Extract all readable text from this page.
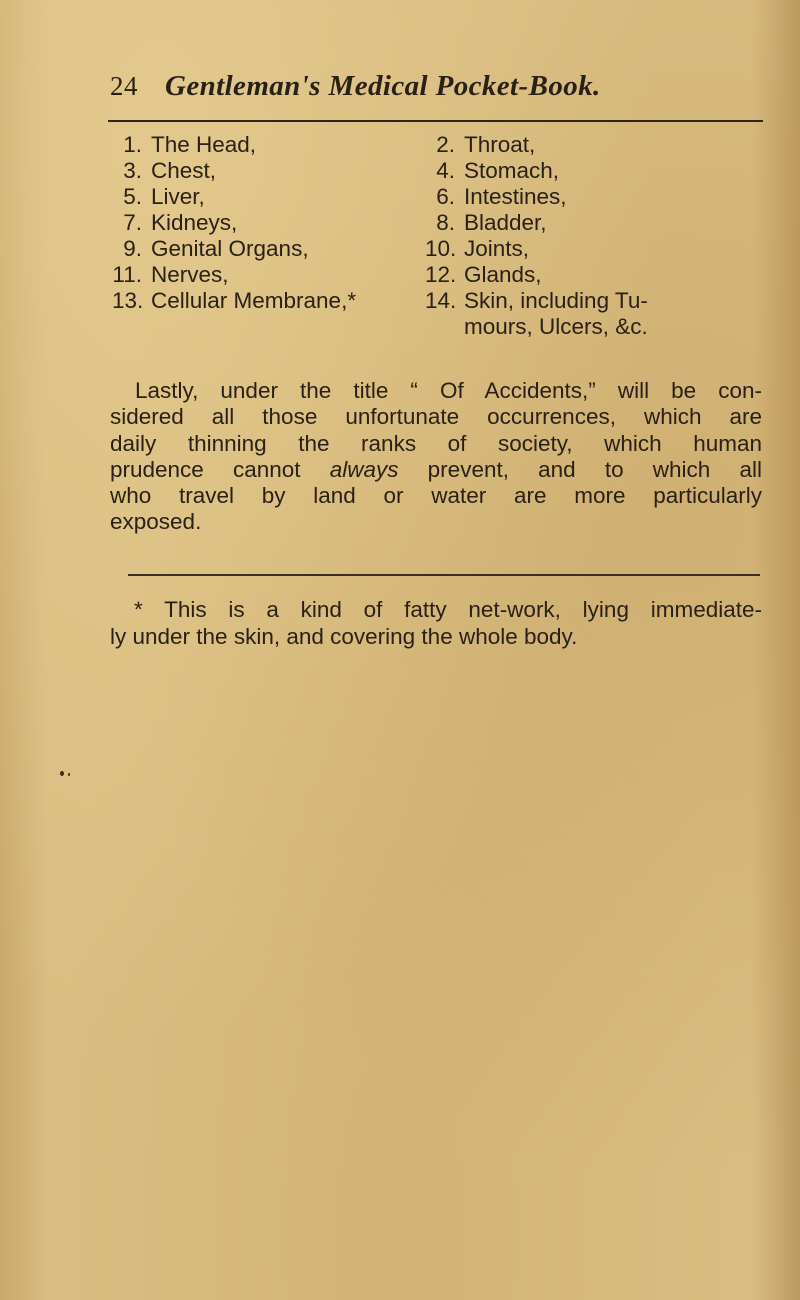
24 Gentleman's Medical Pocket-Book.
1. The Head,	2. Throat,
3. Chest,	4. Stomach,
5. Liver,	6. Intestines,
7. Kidneys,	8. Bladder,
9. Genital Organs,	10. Joints,
11. Nerves,	12. Glands,
13. Cellular Membrane,*	14. Skin, including Tu-
mours, Ulcers, &c.

Lastly, under the title “ Of Accidents,” will be con-
sidered all those unfortunate occurrences, which are
daily thinning the ranks of society, which human
prudence cannot always prevent, and to which all
who travel by land or water are more particularly
exposed.

* This is a kind of fatty net-work, lying immediate-
ly under the skin, and covering the whole body.
